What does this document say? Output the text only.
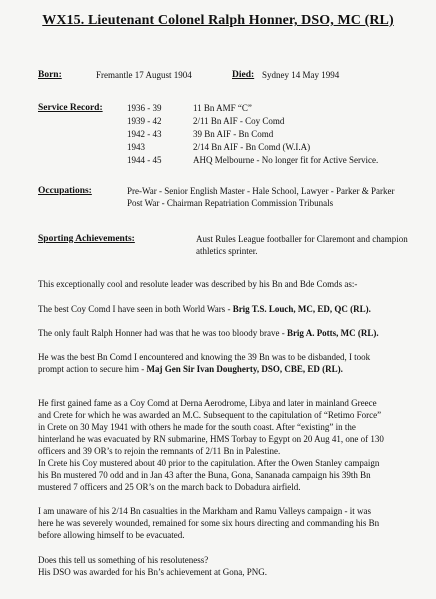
WX15. Lieutenant Colonel Ralph Honner, DSO, MC (RL)
Born:	Fremantle 17 August 1904	Died: Sydney 14 May 1994
Service Record:	1936 - 39	11 Bn AMF “C”
1939 - 42	2/11 Bn AIF - Coy Comd
1942 - 43	39 Bn AIF - Bn Comd
1943	2/14 Bn AIF - Bn Comd (W.I.A)
1944 - 45	AHQ Melbourne - No longer fit for Active Service.
Occupations:	Pre-War - Senior English Master - Hale School, Lawyer - Parker & Parker
Post War - Chairman Repatriation Commission Tribunals
Sporting Achievements:	Aust Rules League footballer for Claremont and champion
athletics sprinter.
This exceptionally cool and resolute leader was described by his Bn and Bde Comds as:-
The best Coy Comd I have seen in both World Wars - Brig T.S. Louch, MC, ED, QC (RL).
The only fault Ralph Honner had was that he was too bloody brave - Brig A. Potts, MC (RL).
He was the best Bn Comd I encountered and knowing the 39 Bn was to be disbanded, I took
prompt action to secure him - Maj Gen Sir Ivan Dougherty, DSO, CBE, ED (RL).
He first gained fame as a Coy Comd at Derna Aerodrome, Libya and later in mainland Greece
and Crete for which he was awarded an M.C. Subsequent to the capitulation of “Retimo Force”
in Crete on 30 May 1941 with others he made for the south coast. After “existing” in the
hinterland he was evacuated by RN submarine, HMS Torbay to Egypt on 20 Aug 41, one of 130
officers and 39 OR’s to rejoin the remnants of 2/11 Bn in Palestine.
In Crete his Coy mustered about 40 prior to the capitulation. After the Owen Stanley campaign
his Bn mustered 70 odd and in Jan 43 after the Buna, Gona, Sananada campaign his 39th Bn
mustered 7 officers and 25 OR’s on the march back to Dobadura airfield.
I am unaware of his 2/14 Bn casualties in the Markham and Ramu Valleys campaign - it was
here he was severely wounded, remained for some six hours directing and commanding his Bn
before allowing himself to be evacuated.
Does this tell us something of his resoluteness?
His DSO was awarded for his Bn’s achievement at Gona, PNG.
